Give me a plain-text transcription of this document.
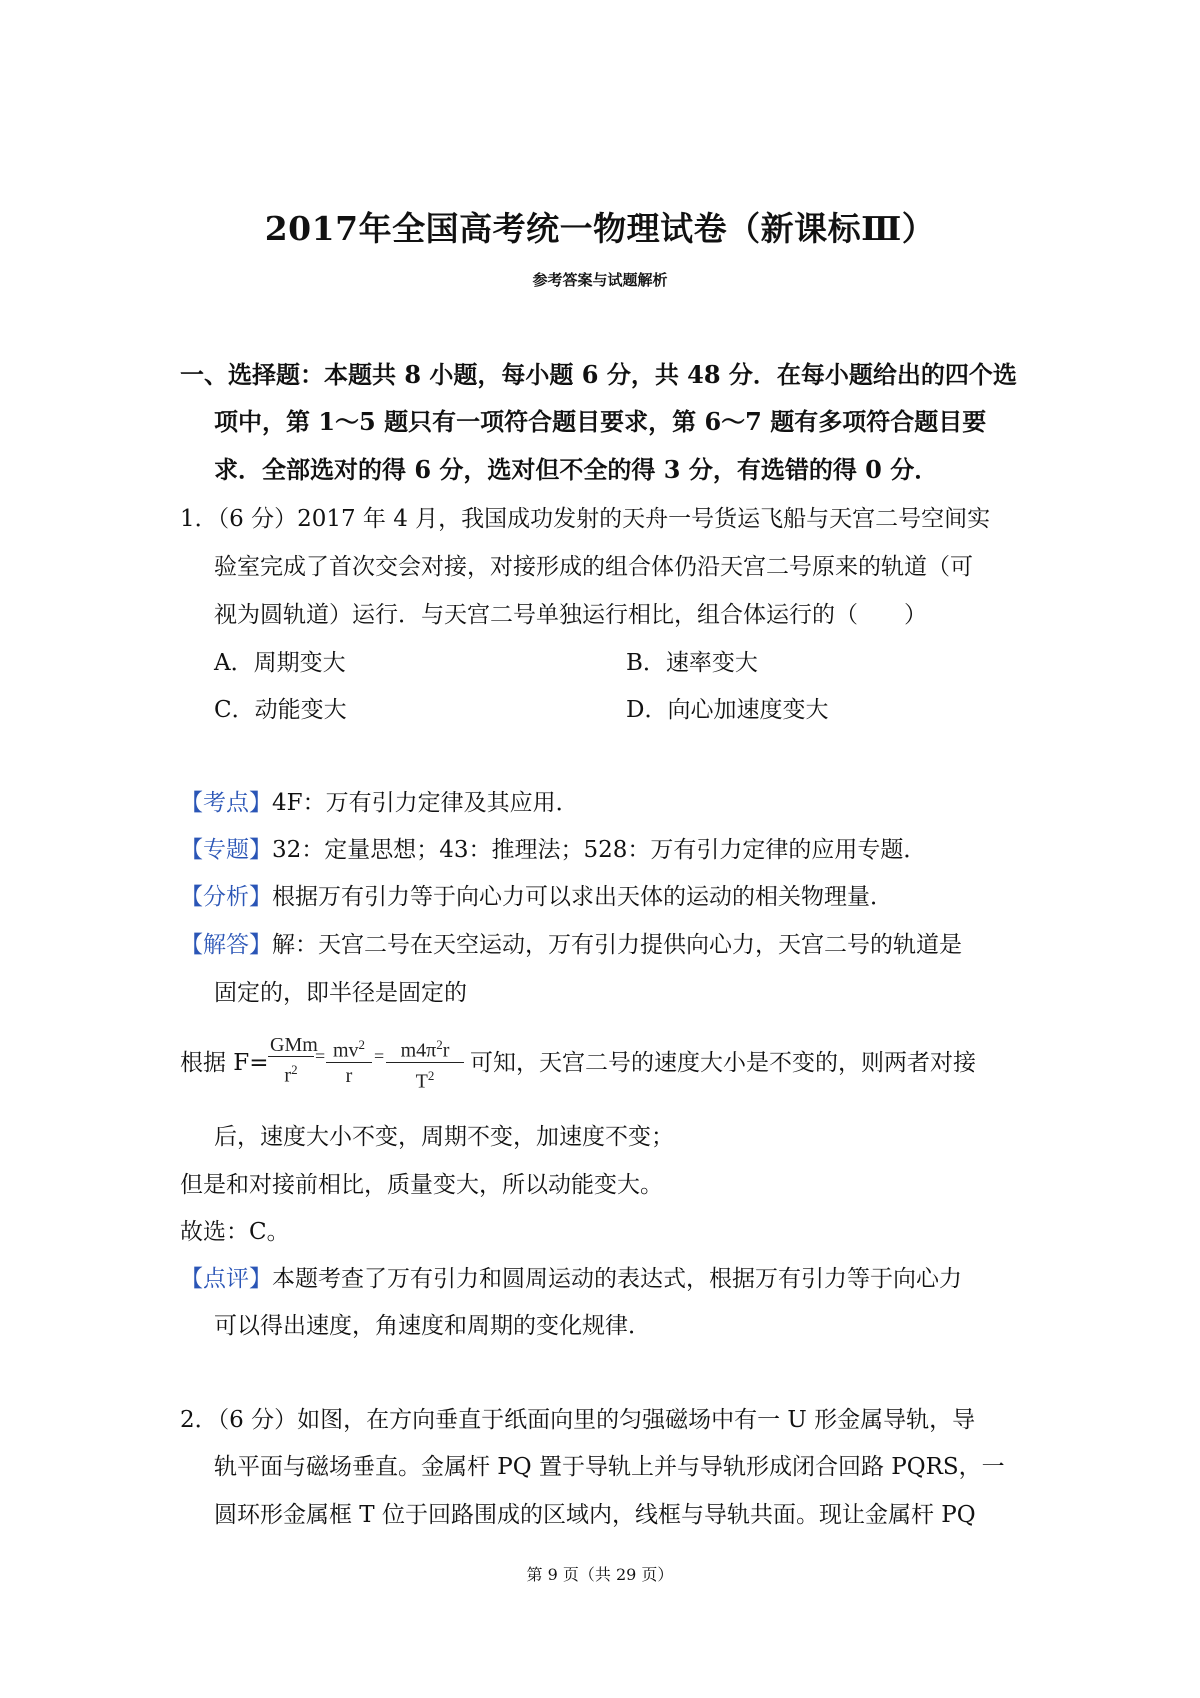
2017年全国高考统一物理试卷（新课标Ⅲ）
参考答案与试题解析
一、选择题：本题共 8 小题，每小题 6 分，共 48 分．在每小题给出的四个选
项中，第 1～5 题只有一项符合题目要求，第 6～7 题有多项符合题目要
求．全部选对的得 6 分，选对但不全的得 3 分，有选错的得 0 分．
1．（6 分）2017 年 4 月，我国成功发射的天舟一号货运飞船与天宫二号空间实
验室完成了首次交会对接，对接形成的组合体仍沿天宫二号原来的轨道（可
视为圆轨道）运行．与天宫二号单独运行相比，组合体运行的（　　）
A．周期变大	B．速率变大
C．动能变大	D．向心加速度变大
【考点】4F：万有引力定律及其应用．
【专题】32：定量思想；43：推理法；528：万有引力定律的应用专题．
【分析】根据万有引力等于向心力可以求出天体的运动的相关物理量．
【解答】解：天宫二号在天空运动，万有引力提供向心力，天宫二号的轨道是
固定的，即半径是固定的
根据 F=
GMm
$r^2$
= $\frac{mv^2}{r} = \frac{m4\pi^2r}{T^2}$ 可知，天宫二号的速度大小是不变的，则两者对接
后，速度大小不变，周期不变，加速度不变；
但是和对接前相比，质量变大，所以动能变大。
故选：C。
【点评】本题考查了万有引力和圆周运动的表达式，根据万有引力等于向心力
可以得出速度，角速度和周期的变化规律．
2．（6 分）如图，在方向垂直于纸面向里的匀强磁场中有一 U 形金属导轨，导
轨平面与磁场垂直。金属杆 PQ 置于导轨上并与导轨形成闭合回路 PQRS，一
圆环形金属框 T 位于回路围成的区域内，线框与导轨共面。现让金属杆 PQ
第 9 页（共 29 页）
